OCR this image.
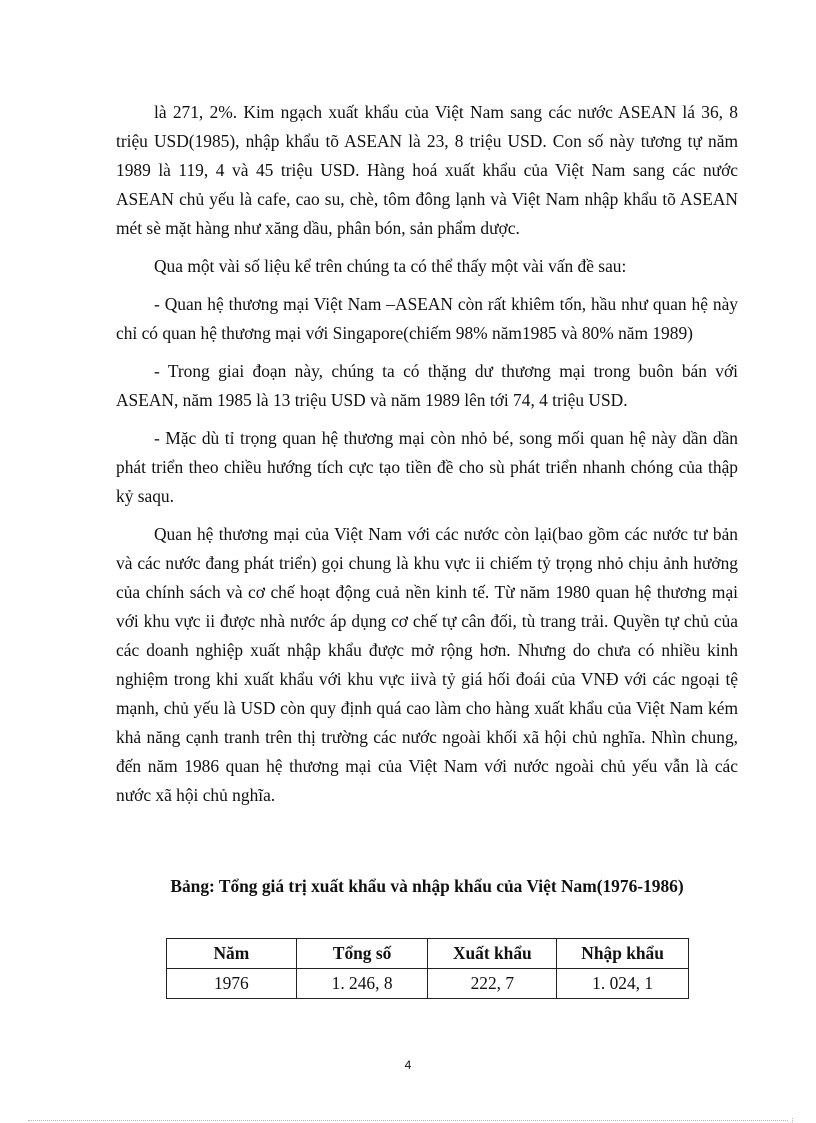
là 271, 2%. Kim ngạch xuất khẩu của Việt Nam sang các nước ASEAN lá 36, 8 triệu USD(1985), nhập khẩu tõ ASEAN là 23, 8 triệu USD. Con số này tương tự năm 1989 là 119, 4 và 45 triệu USD. Hàng hoá xuất khẩu của Việt Nam sang các nước ASEAN chủ yếu là cafe, cao su, chè, tôm đông lạnh và Việt Nam nhập khẩu tõ ASEAN mét sè mặt hàng như xăng dầu, phân bón, sản phẩm dược.

Qua một vài số liệu kể trên chúng ta có thể thấy một vài vấn đề sau:

- Quan hệ thương mại Việt Nam –ASEAN còn rất khiêm tốn, hầu như quan hệ này chỉ có quan hệ thương mại với Singapore(chiếm 98% năm1985 và 80% năm 1989)

- Trong giai đoạn này, chúng ta có thặng dư thương mại trong buôn bán với ASEAN, năm 1985 là 13 triệu USD và năm 1989 lên tới 74, 4 triệu USD.

- Mặc dù tỉ trọng quan hệ thương mại còn nhỏ bé, song mối quan hệ này dần dần phát triển theo chiều hướng tích cực tạo tiền đề cho sù phát triển nhanh chóng của thập kỷ saqu.

Quan hệ thương mại của Việt Nam với các nước còn lại(bao gồm các nước tư bản và các nước đang phát triển) gọi chung là khu vực ii chiếm tỷ trọng nhỏ chịu ảnh hưởng của chính sách và cơ chế hoạt động cuả nền kinh tế. Từ năm 1980 quan hệ thương mại với khu vực ii được nhà nước áp dụng cơ chế tự cân đối, tù trang trải. Quyền tự chủ của các doanh nghiệp xuất nhập khẩu được mở rộng hơn. Nhưng do chưa có nhiều kinh nghiệm trong khi xuất khẩu với khu vực iivà tỷ giá hối đoái của VNĐ với các ngoại tệ mạnh, chủ yếu là USD còn quy định quá cao làm cho hàng xuất khẩu của Việt Nam kém khả năng cạnh tranh trên thị trường các nước ngoài khối xã hội chủ nghĩa. Nhìn chung, đến năm 1986 quan hệ thương mại của Việt Nam với nước ngoài chủ yếu vẫn là các nước xã hội chủ nghĩa.

Bảng: Tổng giá trị xuất khẩu và nhập khẩu của Việt Nam(1976-1986)
Năm	Tổng số	Xuất khẩu	Nhập khẩu
1976	1. 246, 8	222, 7	1. 024, 1
4
